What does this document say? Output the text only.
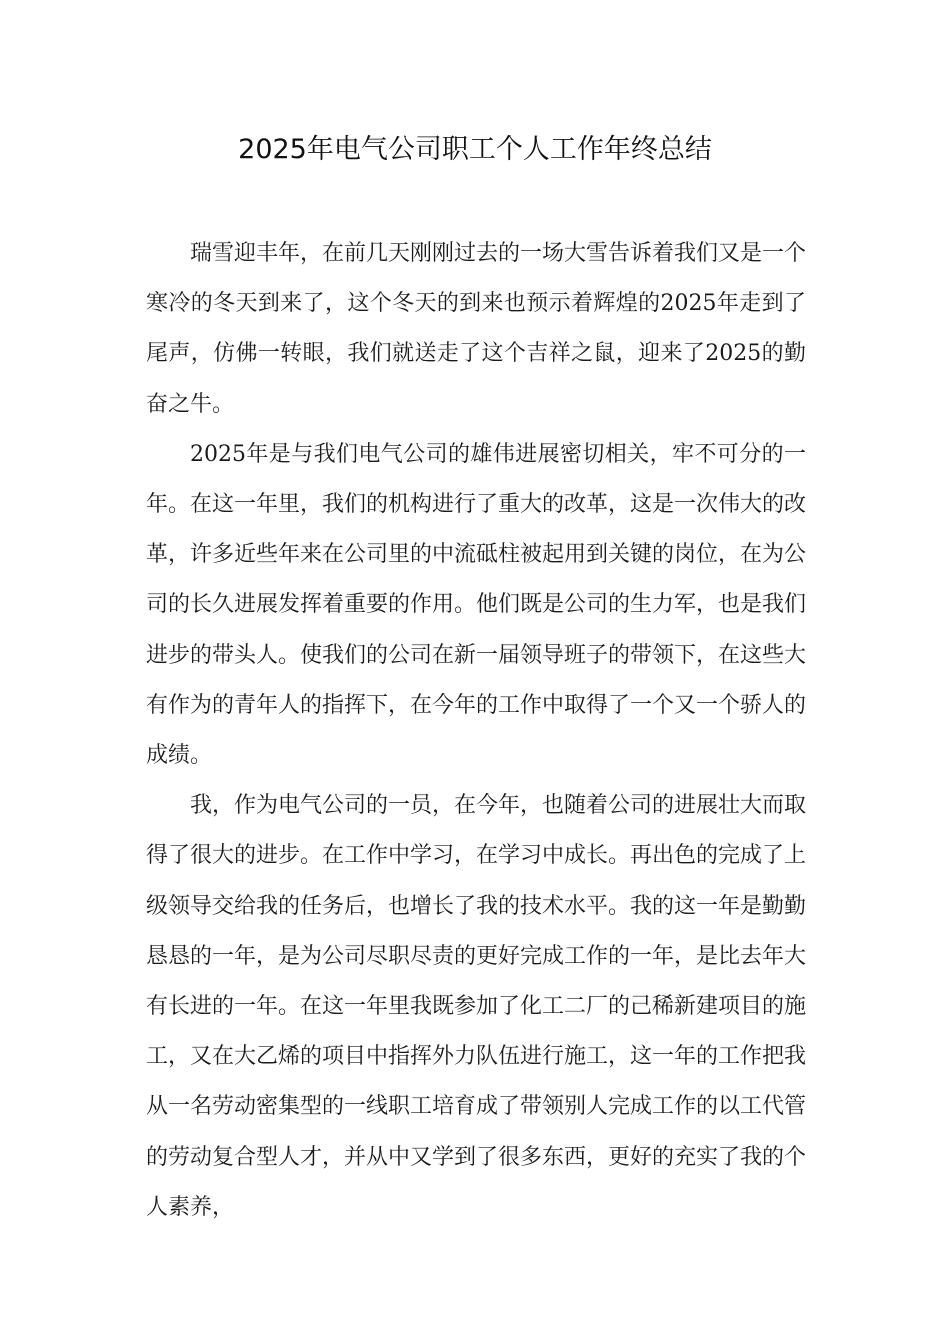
2025年电气公司职工个人工作年终总结

瑞雪迎丰年，在前几天刚刚过去的一场大雪告诉着我们又是一个寒冷的冬天到来了，这个冬天的到来也预示着辉煌的2025年走到了尾声，仿佛一转眼，我们就送走了这个吉祥之鼠，迎来了2025的勤奋之牛。

2025年是与我们电气公司的雄伟进展密切相关，牢不可分的一年。在这一年里，我们的机构进行了重大的改革，这是一次伟大的改革，许多近些年来在公司里的中流砥柱被起用到关键的岗位，在为公司的长久进展发挥着重要的作用。他们既是公司的生力军，也是我们进步的带头人。使我们的公司在新一届领导班子的带领下，在这些大有作为的青年人的指挥下，在今年的工作中取得了一个又一个骄人的成绩。

我，作为电气公司的一员，在今年，也随着公司的进展壮大而取得了很大的进步。在工作中学习，在学习中成长。再出色的完成了上级领导交给我的任务后，也增长了我的技术水平。我的这一年是勤勤恳恳的一年，是为公司尽职尽责的更好完成工作的一年，是比去年大有长进的一年。在这一年里我既参加了化工二厂的己稀新建项目的施工，又在大乙烯的项目中指挥外力队伍进行施工，这一年的工作把我从一名劳动密集型的一线职工培育成了带领别人完成工作的以工代管的劳动复合型人才，并从中又学到了很多东西，更好的充实了我的个人素养，
